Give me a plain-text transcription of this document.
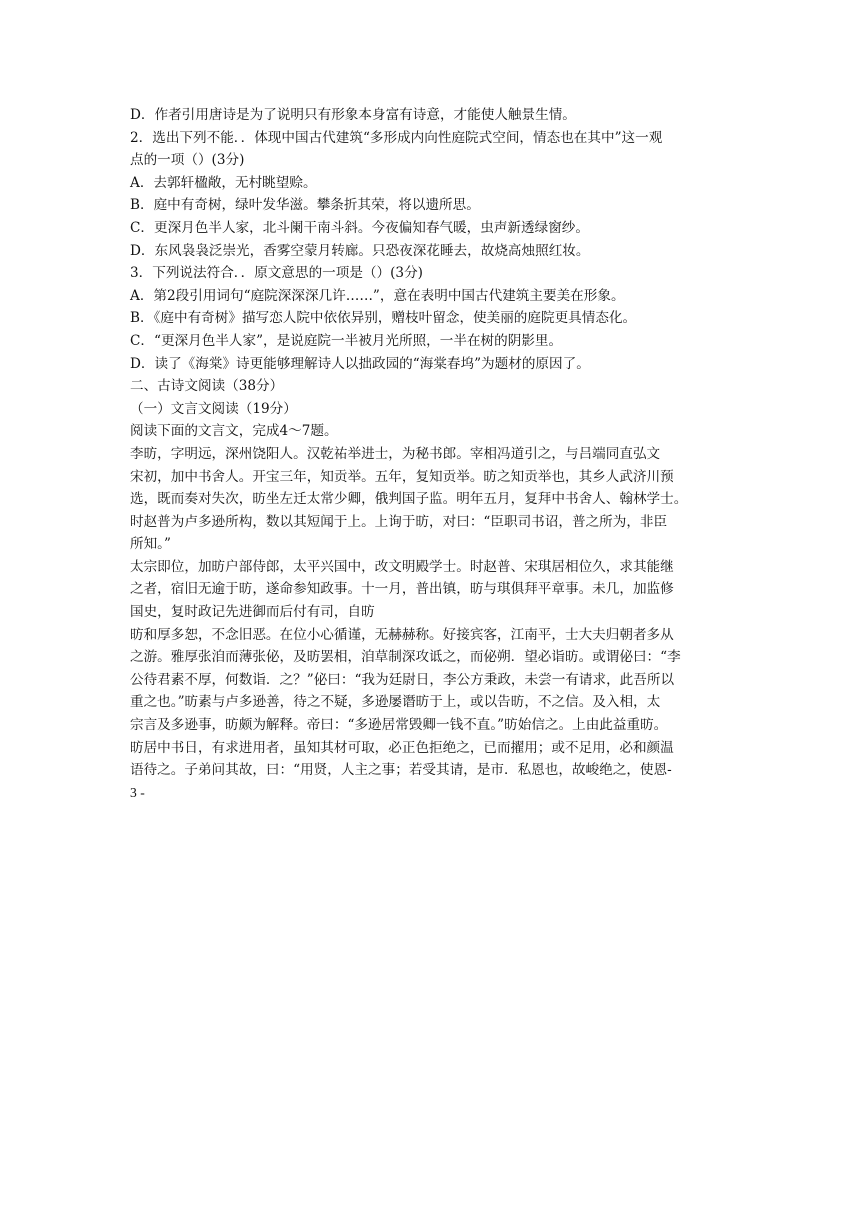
D．作者引用唐诗是为了说明只有形象本身富有诗意，才能使人触景生情。
2．选出下列不能．．体现中国古代建筑“多形成内向性庭院式空间，情态也在其中”这一观
点的一项（）(3分)
A．去郭轩楹敞，无村眺望赊。
B．庭中有奇树，绿叶发华滋。攀条折其荣，将以遗所思。
C．更深月色半人家，北斗阑干南斗斜。今夜偏知春气暖，虫声新透绿窗纱。
D．东风袅袅泛崇光，香雾空蒙月转廊。只恐夜深花睡去，故烧高烛照红妆。
3．下列说法符合．．原文意思的一项是（）(3分)
A．第2段引用词句“庭院深深深几许……”，意在表明中国古代建筑主要美在形象。
B．《庭中有奇树》描写恋人院中依依异别，赠枝叶留念，使美丽的庭院更具情态化。
C．“更深月色半人家”，是说庭院一半被月光所照，一半在树的阴影里。
D．读了《海棠》诗更能够理解诗人以拙政园的“海棠春坞”为题材的原因了。
二、古诗文阅读（38分）
（一）文言文阅读（19分）
阅读下面的文言文，完成4～7题。
李昉，字明远，深州饶阳人。汉乾祐举进士，为秘书郎。宰相冯道引之，与吕端同直弘文
宋初，加中书舍人。开宝三年，知贡举。五年，复知贡举。昉之知贡举也，其乡人武济川预
选，既而奏对失次，昉坐左迁太常少卿，俄判国子监。明年五月，复拜中书舍人、翰林学士。
时赵普为卢多逊所构，数以其短闻于上。上询于昉，对曰：“臣职司书诏，普之所为，非臣
所知。”
太宗即位，加昉户部侍郎，太平兴国中，改文明殿学士。时赵普、宋琪居相位久，求其能继
之者，宿旧无逾于昉，遂命参知政事。十一月，普出镇，昉与琪俱拜平章事。未几，加监修
国史，复时政记先进御而后付有司，自昉
昉和厚多恕，不念旧恶。在位小心循谨，无赫赫称。好接宾客，江南平，士大夫归朝者多从
之游。雅厚张洎而薄张佖，及昉罢相，洎草制深攻诋之，而佖朔．望必诣昉。或谓佖曰：“李
公待君素不厚，何数诣．之？”佖曰：“我为廷尉日，李公方秉政，未尝一有请求，此吾所以
重之也。”昉素与卢多逊善，待之不疑，多逊屡谮昉于上，或以告昉，不之信。及入相，太
宗言及多逊事，昉颇为解释。帝曰：“多逊居常毁卿一钱不直。”昉始信之。上由此益重昉。
昉居中书日，有求进用者，虽知其材可取，必正色拒绝之，已而擢用；或不足用，必和颜温
语待之。子弟问其故，曰：“用贤，人主之事；若受其请，是市．私恩也，故峻绝之，使恩-
3 -
